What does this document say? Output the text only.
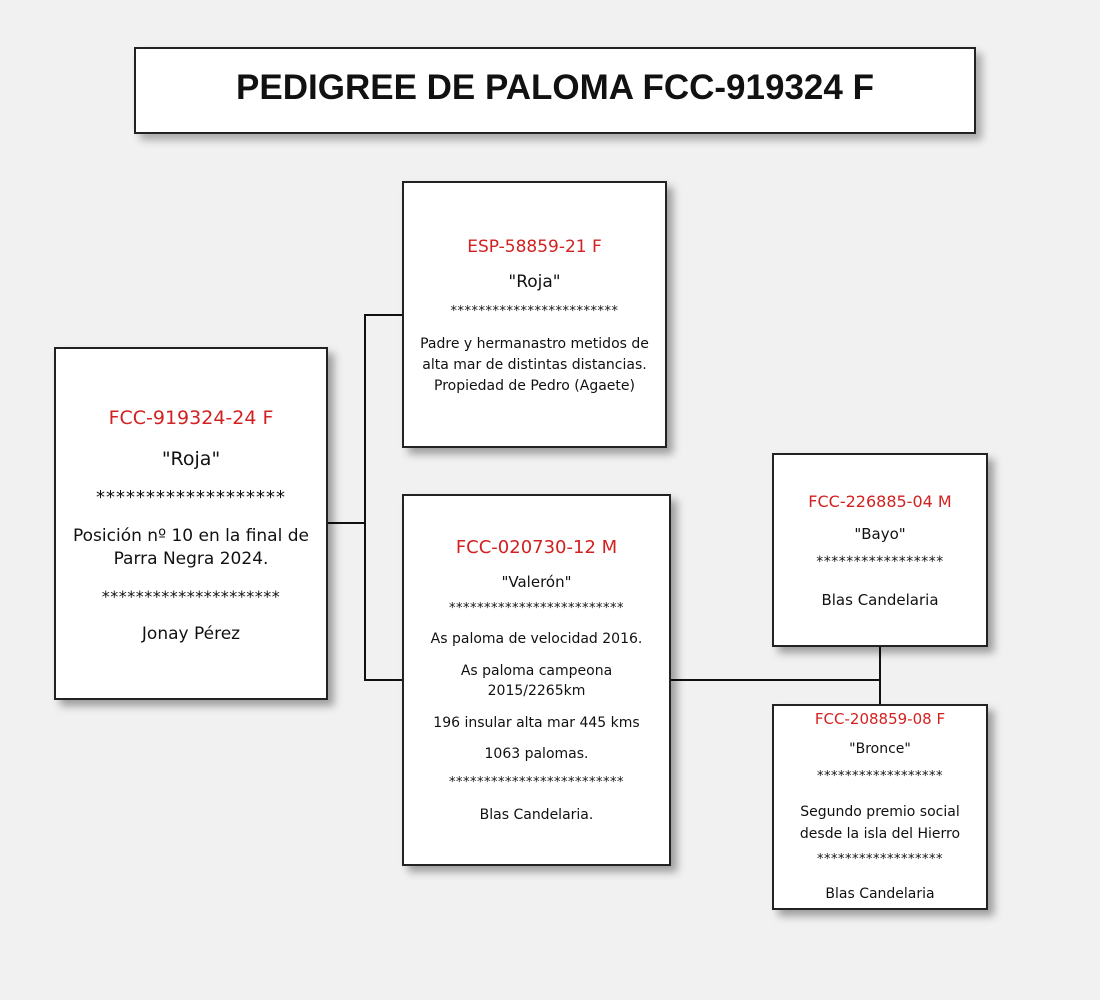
PEDIGREE DE PALOMA FCC-919324 F
FCC-919324-24 F
"Roja"
*******************
Posición nº 10 en la final de Parra Negra 2024.
*********************
Jonay Pérez
ESP-58859-21 F
"Roja"
************************
Padre y hermanastro metidos de alta mar de distintas distancias. Propiedad de Pedro (Agaete)
FCC-020730-12 M
"Valerón"
*************************
As paloma de velocidad 2016.
As paloma campeona 2015/2265km
196 insular alta mar 445 kms
1063 palomas.
*************************
Blas Candelaria.
FCC-226885-04 M
"Bayo"
*****************
Blas Candelaria
FCC-208859-08 F
"Bronce"
******************
Segundo premio social desde la isla del Hierro
******************
Blas Candelaria
